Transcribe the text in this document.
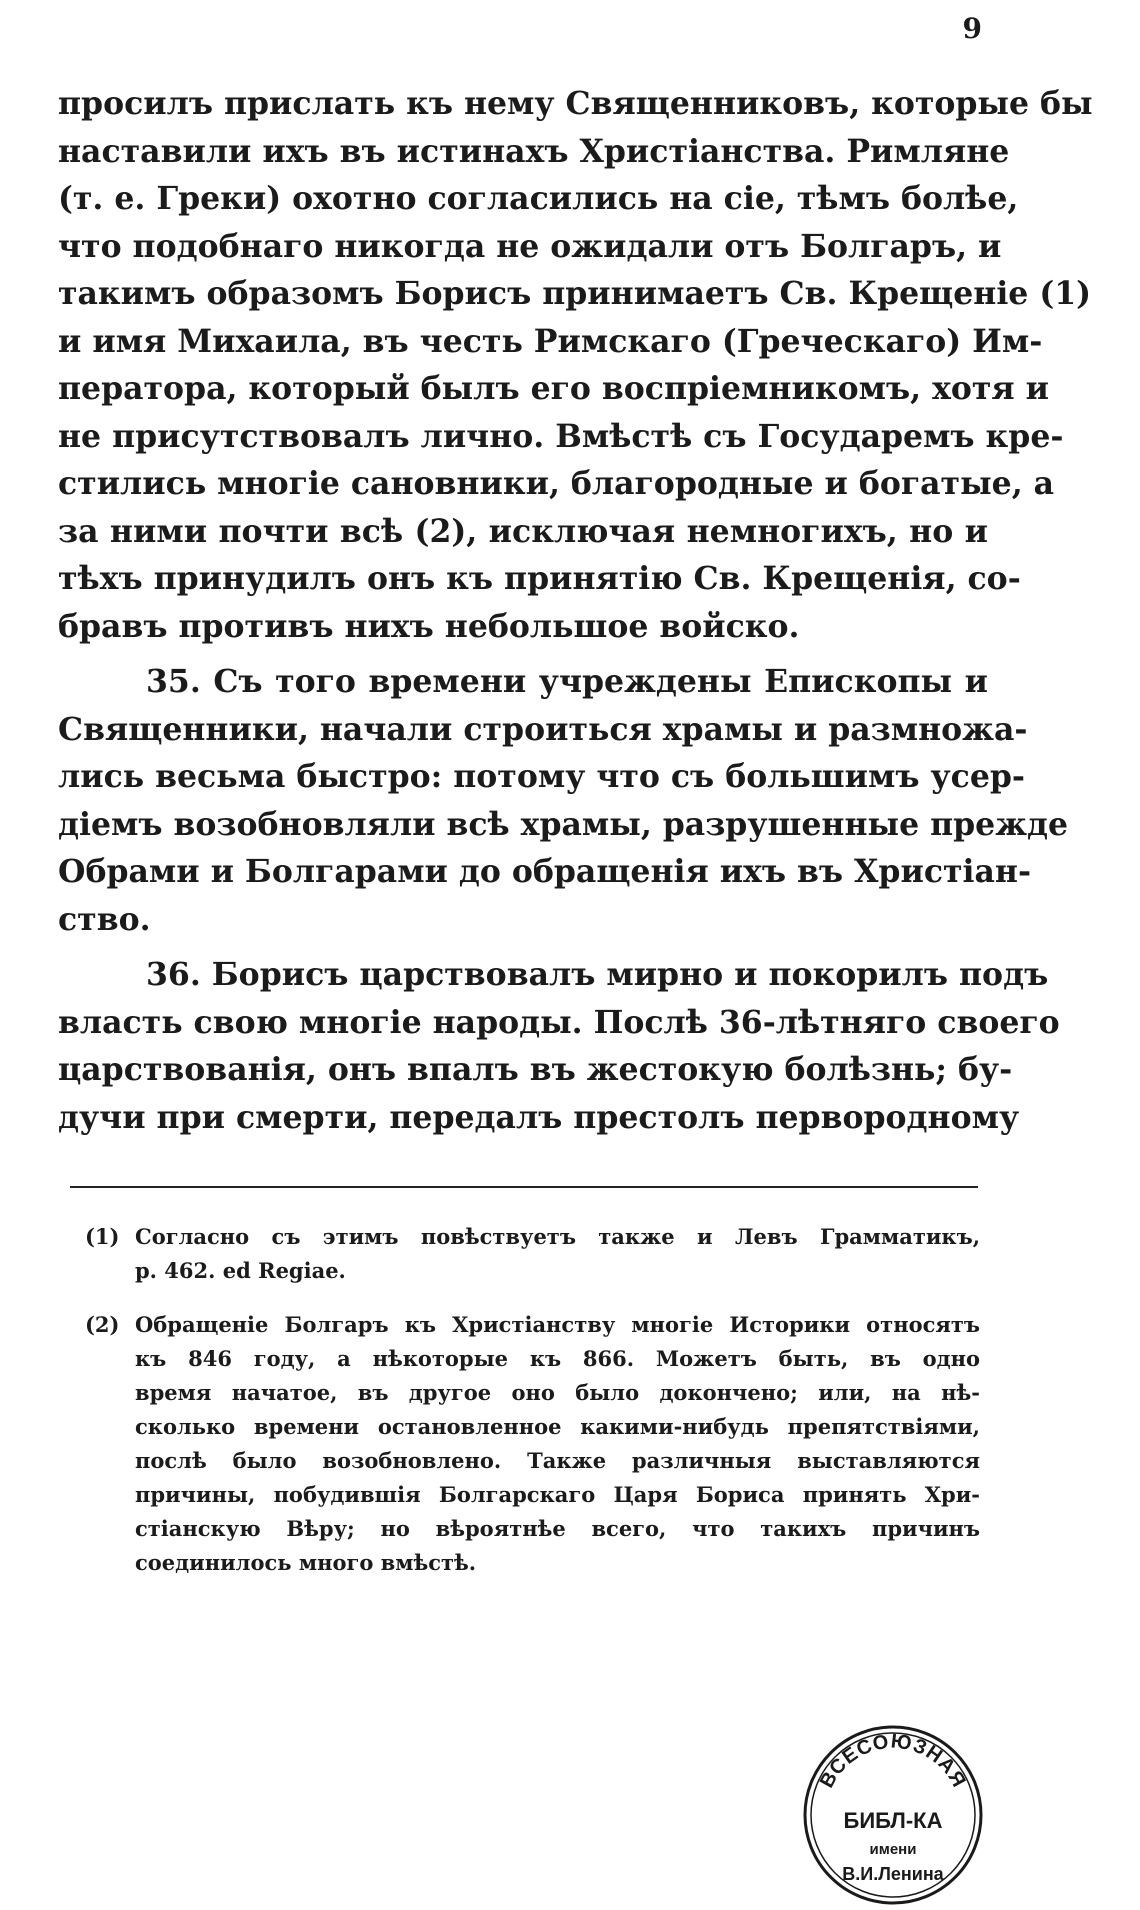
9

просилъ прислать къ нему Священниковъ, которые бы
наставили ихъ въ истинахъ Христіанства. Римляне
(т. е. Греки) охотно согласились на сіе, тѣмъ болѣе,
что подобнаго никогда не ожидали отъ Болгаръ, и
такимъ образомъ Борисъ принимаетъ Св. Крещеніе (1)
и имя Михаила, въ честь Римскаго (Греческаго) Им-
ператора, который былъ его воспріемникомъ, хотя и
не присутствовалъ лично. Вмѣстѣ съ Государемъ кре-
стились многіе сановники, благородные и богатые, а
за ними почти всѣ (2), исключая немногихъ, но и
тѣхъ принудилъ онъ къ принятію Св. Крещенія, со-
бравъ противъ нихъ небольшое войско.

35. Съ того времени учреждены Епископы и
Священники, начали строиться храмы и размножа-
лись весьма быстро: потому что съ большимъ усер-
діемъ возобновляли всѣ храмы, разрушенные прежде
Обрами и Болгарами до обращенія ихъ въ Христіан-
ство.

36. Борисъ царствовалъ мирно и покорилъ подъ
власть свою многіе народы. Послѣ 36-лѣтняго своего
царствованія, онъ впалъ въ жестокую болѣзнь; бу-
дучи при смерти, передалъ престолъ первородному

(1) Согласно съ этимъ повѣствуетъ также и Левъ Грамматикъ,
p. 462. ed Regiae.
(2) Обращеніе Болгаръ къ Христіанству многіе Историки относятъ
къ 846 году, а нѣкоторые къ 866. Можетъ быть, въ одно
время начатое, въ другое оно было докончено; или, на нѣ-
сколько времени остановленное какими-нибудь препятствіями,
послѣ было возобновлено. Также различныя выставляются
причины, побудившія Болгарскаго Царя Бориса принять Хри-
стіанскую Вѣру; но вѣроятнѣе всего, что такихъ причинъ
соединилось много вмѣстѣ.
ВСЕСОЮЗНАЯ
БИБЛ-КА
имени
В.И.Ленина
